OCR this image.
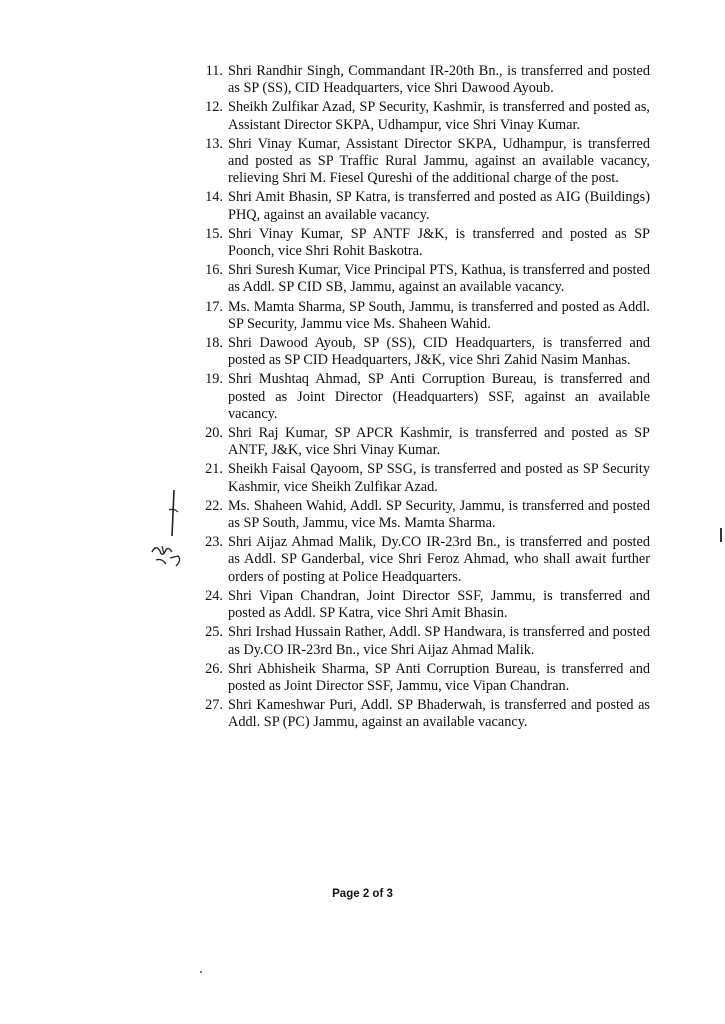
11. Shri Randhir Singh, Commandant IR-20th Bn., is transferred and posted as SP (SS), CID Headquarters, vice Shri Dawood Ayoub.
12. Sheikh Zulfikar Azad, SP Security, Kashmir, is transferred and posted as, Assistant Director SKPA, Udhampur, vice Shri Vinay Kumar.
13. Shri Vinay Kumar, Assistant Director SKPA, Udhampur, is transferred and posted as SP Traffic Rural Jammu, against an available vacancy, relieving Shri M. Fiesel Qureshi of the additional charge of the post.
14. Shri Amit Bhasin, SP Katra, is transferred and posted as AIG (Buildings) PHQ, against an available vacancy.
15. Shri Vinay Kumar, SP ANTF J&K, is transferred and posted as SP Poonch, vice Shri Rohit Baskotra.
16. Shri Suresh Kumar, Vice Principal PTS, Kathua, is transferred and posted as Addl. SP CID SB, Jammu, against an available vacancy.
17. Ms. Mamta Sharma, SP South, Jammu, is transferred and posted as Addl. SP Security, Jammu vice Ms. Shaheen Wahid.
18. Shri Dawood Ayoub, SP (SS), CID Headquarters, is transferred and posted as SP CID Headquarters, J&K, vice Shri Zahid Nasim Manhas.
19. Shri Mushtaq Ahmad, SP Anti Corruption Bureau, is transferred and posted as Joint Director (Headquarters) SSF, against an available vacancy.
20. Shri Raj Kumar, SP APCR Kashmir, is transferred and posted as SP ANTF, J&K, vice Shri Vinay Kumar.
21. Sheikh Faisal Qayoom, SP SSG, is transferred and posted as SP Security Kashmir, vice Sheikh Zulfikar Azad.
22. Ms. Shaheen Wahid, Addl. SP Security, Jammu, is transferred and posted as SP South, Jammu, vice Ms. Mamta Sharma.
23. Shri Aijaz Ahmad Malik, Dy.CO IR-23rd Bn., is transferred and posted as Addl. SP Ganderbal, vice Shri Feroz Ahmad, who shall await further orders of posting at Police Headquarters.
24. Shri Vipan Chandran, Joint Director SSF, Jammu, is transferred and posted as Addl. SP Katra, vice Shri Amit Bhasin.
25. Shri Irshad Hussain Rather, Addl. SP Handwara, is transferred and posted as Dy.CO IR-23rd Bn., vice Shri Aijaz Ahmad Malik.
26. Shri Abhisheik Sharma, SP Anti Corruption Bureau, is transferred and posted as Joint Director SSF, Jammu, vice Vipan Chandran.
27. Shri Kameshwar Puri, Addl. SP Bhaderwah, is transferred and posted as Addl. SP (PC) Jammu, against an available vacancy.
Page 2 of 3
